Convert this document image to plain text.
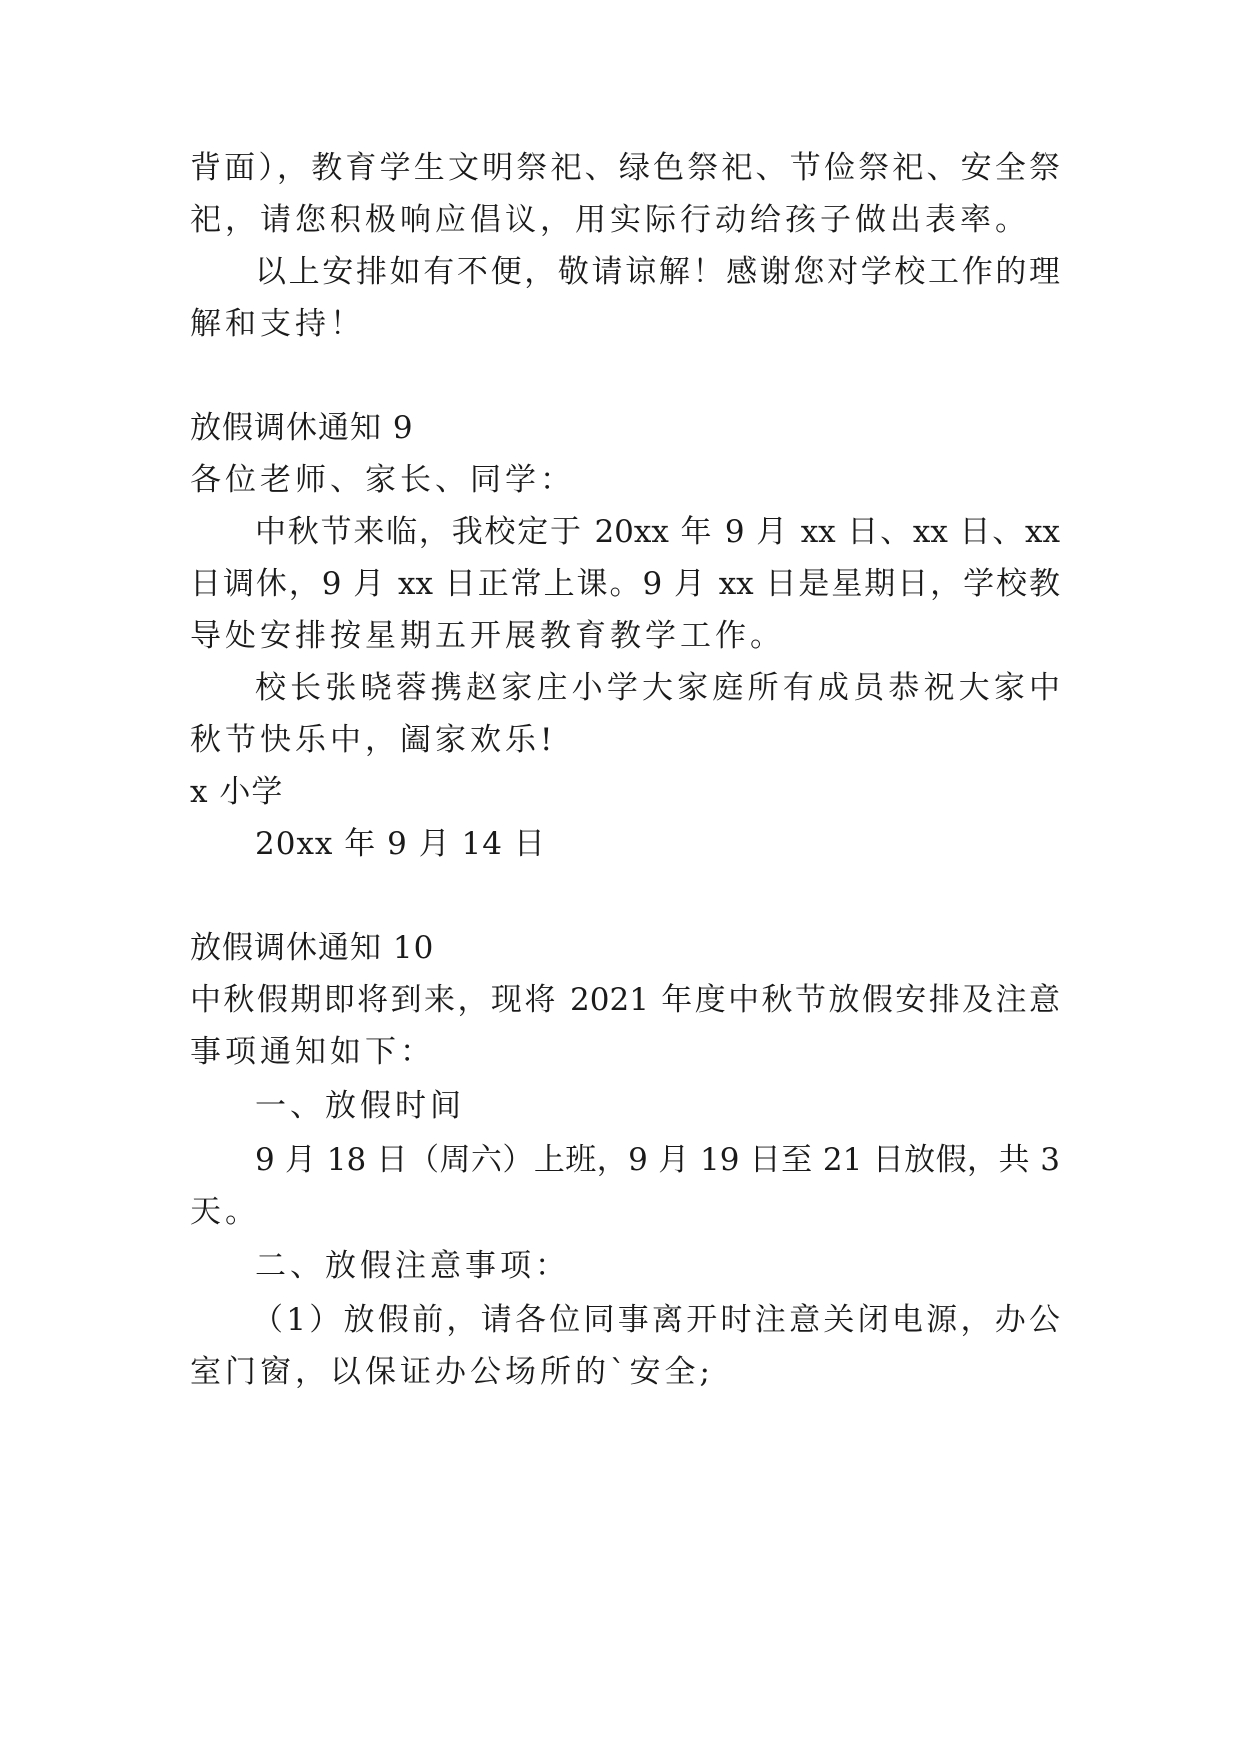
背面），教育学生文明祭祀、绿色祭祀、节俭祭祀、安全祭
祀，请您积极响应倡议，用实际行动给孩子做出表率。
以上安排如有不便，敬请谅解！感谢您对学校工作的理
解和支持！
放假调休通知 9
各位老师、家长、同学：
中秋节来临，我校定于 20xx 年 9 月 xx 日、xx 日、xx
日调休，9 月 xx 日正常上课。9 月 xx 日是星期日，学校教
导处安排按星期五开展教育教学工作。
校长张晓蓉携赵家庄小学大家庭所有成员恭祝大家中
秋节快乐中，阖家欢乐!
x 小学
20xx 年 9 月 14 日
放假调休通知 10
中秋假期即将到来，现将 2021 年度中秋节放假安排及注意
事项通知如下：
一、放假时间
9 月 18 日（周六）上班，9 月 19 日至 21 日放假，共 3
天。
二、放假注意事项：
（1）放假前，请各位同事离开时注意关闭电源，办公
室门窗，以保证办公场所的`安全;
